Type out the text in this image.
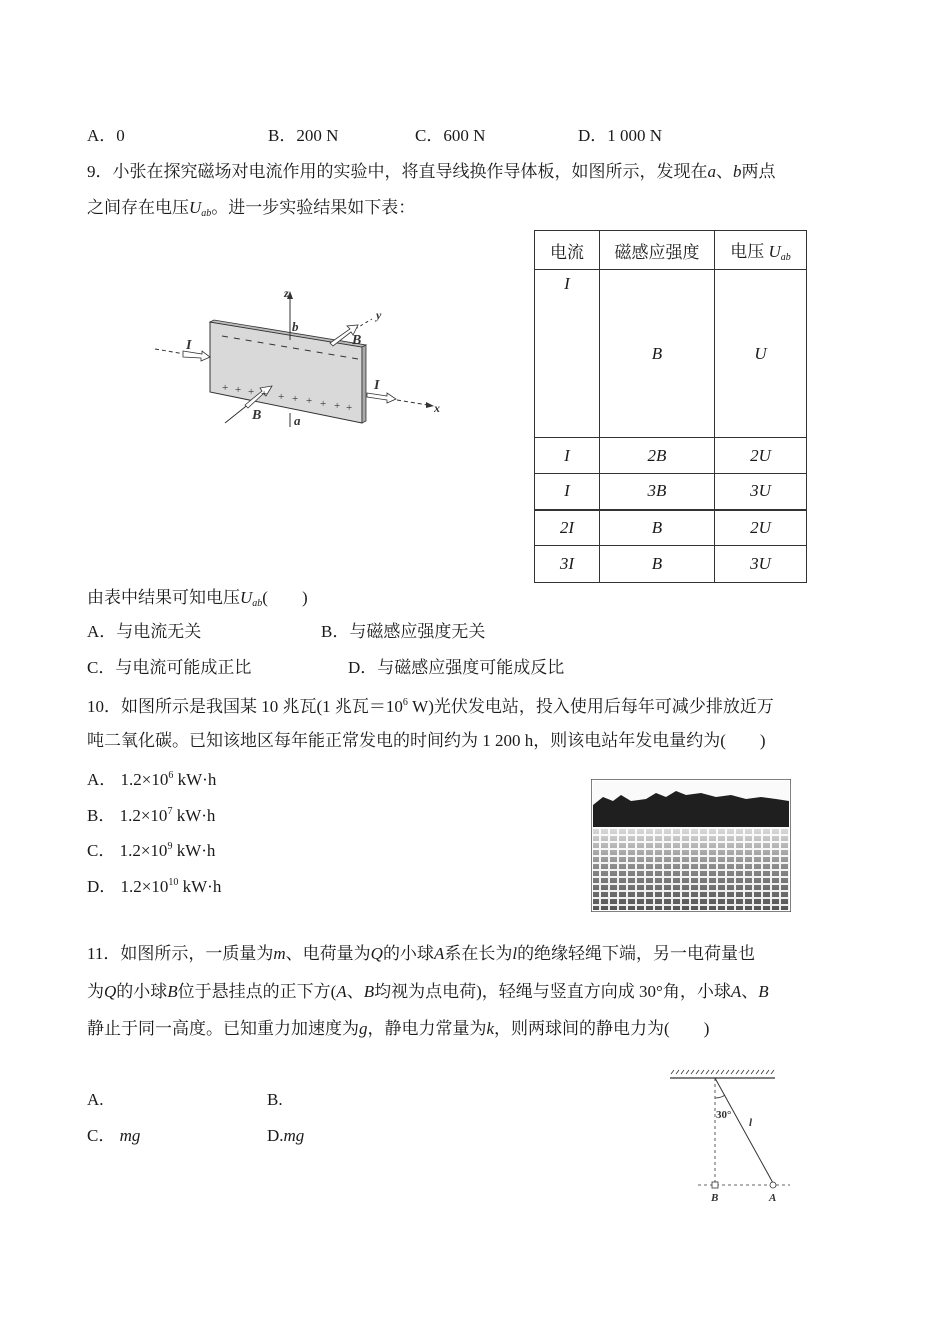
A．0	B．200 N	C．600 N	D．1 000 N
9．小张在探究磁场对电流作用的实验中，将直导线换作导体板，如图所示，发现在a、b两点
之间存在电压$U_{ab}$。进一步实验结果如下表：
+ + + + + + + + + +
z
y
x
b
a
B
B
I
I
电流	磁感应强度	电压 $U_{ab}$
I	B	U
I	2B	2U
I	3B	3U
2I	B	2U
3I	B	3U
由表中结果可知电压$U_{ab}$(　　)
A．与电流无关	B．与磁感应强度无关
C．与电流可能成正比	D．与磁感应强度可能成反比
10．如图所示是我国某 10 兆瓦(1 兆瓦$=10^6$ W)光伏发电站，投入使用后每年可减少排放近万
吨二氧化碳。已知该地区每年能正常发电的时间约为 1 200 h，则该电站年发电量约为(　　)
A． $1.2\times 10^6$ kW·h
B． $1.2\times 10^7$ kW·h
C． $1.2\times 10^9$ kW·h
D． $1.2\times 10^{10}$ kW·h
11．如图所示，一质量为m、电荷量为Q的小球A系在长为l的绝缘轻绳下端，另一电荷量也
为Q的小球B位于悬挂点的正下方(A、B均视为点电荷)，轻绳与竖直方向成 30°角，小球A、B
静止于同一高度。已知重力加速度为g，静电力常量为k，则两球间的静电力为(　　)
A.	B.
C． mg	D.mg
30°
l
B	A
